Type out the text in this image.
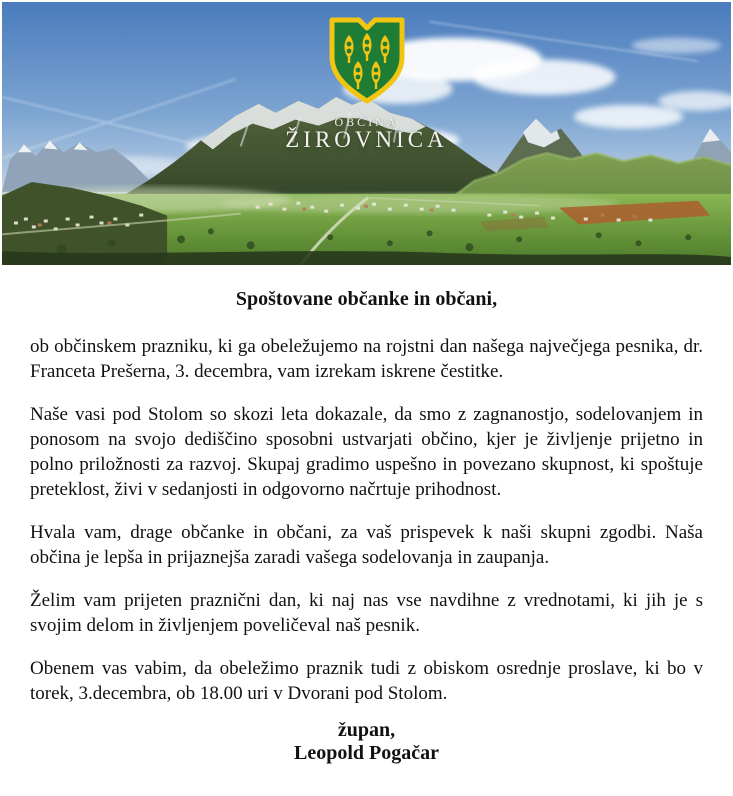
OBČINA
ŽIROVNICA
Spoštovane občanke in občani,

ob občinskem prazniku, ki ga obeležujemo na rojstni dan našega največjega pesnika, dr. Franceta Prešerna, 3. decembra, vam izrekam iskrene čestitke.

Naše vasi pod Stolom so skozi leta dokazale, da smo z zagnanostjo, sodelovanjem in ponosom na svojo dediščino sposobni ustvarjati občino, kjer je življenje prijetno in polno priložnosti za razvoj. Skupaj gradimo uspešno in povezano skupnost, ki spoštuje preteklost, živi v sedanjosti in odgovorno načrtuje prihodnost.

Hvala vam, drage občanke in občani, za vaš prispevek k naši skupni zgodbi. Naša občina je lepša in prijaznejša zaradi vašega sodelovanja in zaupanja.

Želim vam prijeten praznični dan, ki naj nas vse navdihne z vrednotami, ki jih je s svojim delom in življenjem poveličeval naš pesnik.

Obenem vas vabim, da obeležimo praznik tudi z obiskom osrednje proslave, ki bo v torek, 3.decembra, ob 18.00 uri v Dvorani pod Stolom.

župan,
Leopold Pogačar
